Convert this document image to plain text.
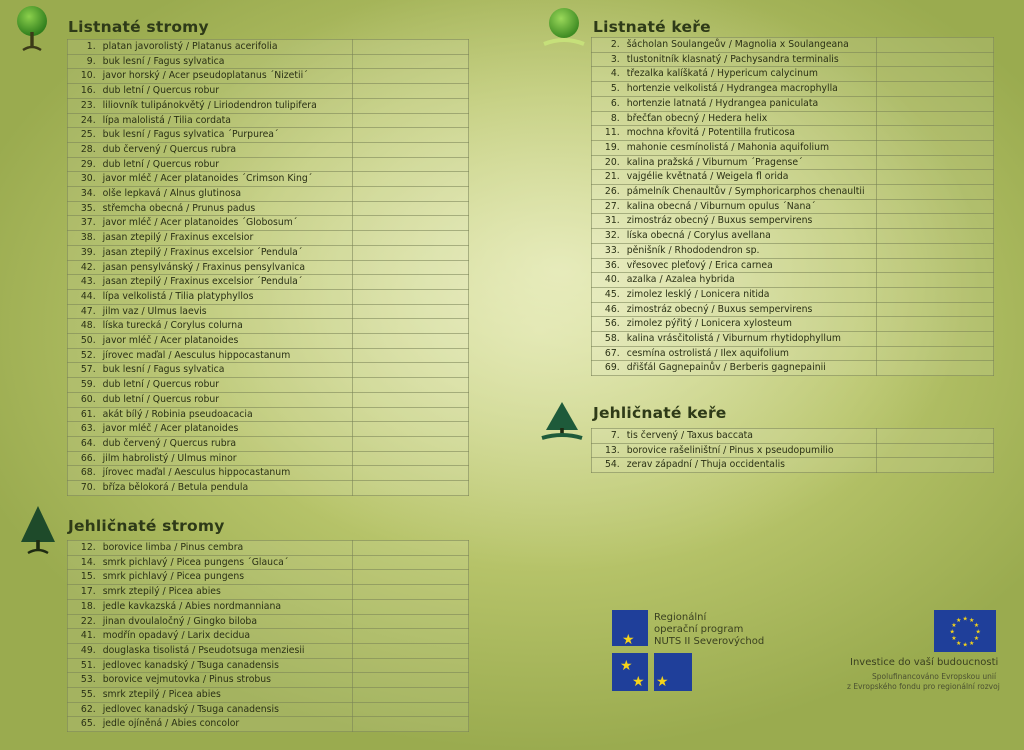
Listnaté stromy
1.	platan javorolistý / Platanus acerifolia	
9.	buk lesní / Fagus sylvatica	
10.	javor horský / Acer pseudoplatanus ´Nizetii´	
16.	dub letní / Quercus robur	
23.	liliovník tulipánokvětý / Liriodendron tulipifera	
24.	lípa malolistá / Tilia cordata	
25.	buk lesní / Fagus sylvatica ´Purpurea´	
28.	dub červený / Quercus rubra	
29.	dub letní / Quercus robur	
30.	javor mléč / Acer platanoides ´Crimson King´	
34.	olše lepkavá / Alnus glutinosa	
35.	střemcha obecná / Prunus padus	
37.	javor mléč / Acer platanoides ´Globosum´	
38.	jasan ztepilý / Fraxinus excelsior	
39.	jasan ztepilý / Fraxinus excelsior ´Pendula´	
42.	jasan pensylvánský / Fraxinus pensylvanica	
43.	jasan ztepilý / Fraxinus excelsior ´Pendula´	
44.	lípa velkolistá / Tilia platyphyllos	
47.	jilm vaz / Ulmus laevis	
48.	líska turecká / Corylus colurna	
50.	javor mléč / Acer platanoides	
52.	jírovec maďal / Aesculus hippocastanum	
57.	buk lesní / Fagus sylvatica	
59.	dub letní / Quercus robur	
60.	dub letní / Quercus robur	
61.	akát bílý / Robinia pseudoacacia	
63.	javor mléč / Acer platanoides	
64.	dub červený / Quercus rubra	
66.	jilm habrolistý / Ulmus minor	
68.	jírovec maďal / Aesculus hippocastanum	
70.	bříza bělokorá / Betula pendula	
Jehličnaté stromy
12.	borovice limba / Pinus cembra	
14.	smrk pichlavý / Picea pungens ´Glauca´	
15.	smrk pichlavý / Picea pungens	
17.	smrk ztepilý / Picea abies	
18.	jedle kavkazská / Abies nordmanniana	
22.	jinan dvoulaločný / Gingko biloba	
41.	modřín opadavý / Larix decidua	
49.	douglaska tisolistá / Pseudotsuga menziesii	
51.	jedlovec kanadský / Tsuga canadensis	
53.	borovice vejmutovka / Pinus strobus	
55.	smrk ztepilý / Picea abies	
62.	jedlovec kanadský / Tsuga canadensis	
65.	jedle ojíněná / Abies concolor	
Listnaté keře
2.	šácholan Soulangeův / Magnolia x Soulangeana	
3.	tlustonitník klasnatý / Pachysandra terminalis	
4.	třezalka kalíškatá / Hypericum calycinum	
5.	hortenzie velkolistá / Hydrangea macrophylla	
6.	hortenzie latnatá / Hydrangea paniculata	
8.	břečťan obecný / Hedera helix	
11.	mochna křovitá / Potentilla fruticosa	
19.	mahonie cesmínolistá / Mahonia aquifolium	
20.	kalina pražská / Viburnum ´Pragense´	
21.	vajgélie květnatá / Weigela fl orida	
26.	pámelník Chenaultův / Symphoricarphos chenaultii	
27.	kalina obecná / Viburnum opulus ´Nana´	
31.	zimostráz obecný / Buxus sempervirens	
32.	líska obecná / Corylus avellana	
33.	pěnišník / Rhododendron sp.	
36.	vřesovec pleťový / Erica carnea	
40.	azalka / Azalea hybrida	
45.	zimolez lesklý / Lonicera nitida	
46.	zimostráz obecný / Buxus sempervirens	
56.	zimolez pýřitý / Lonicera xylosteum	
58.	kalina vrásčitolistá / Viburnum rhytidophyllum	
67.	cesmína ostrolistá / Ilex aquifolium	
69.	dřišťál Gagnepainův / Berberis gagnepainii	
Jehličnaté keře
7.	tis červený / Taxus baccata	
13.	borovice rašeliništní / Pinus x pseudopumilio	
54.	zerav západní / Thuja occidentalis	
★
★
★ ★
Regionální
operační program
NUTS II Severovýchod
★ ★
★
★
★
★
★
★
★
★
★
★
Investice do vaší budoucnosti
Spolufinancováno Evropskou unií
z Evropského fondu pro regionální rozvoj
